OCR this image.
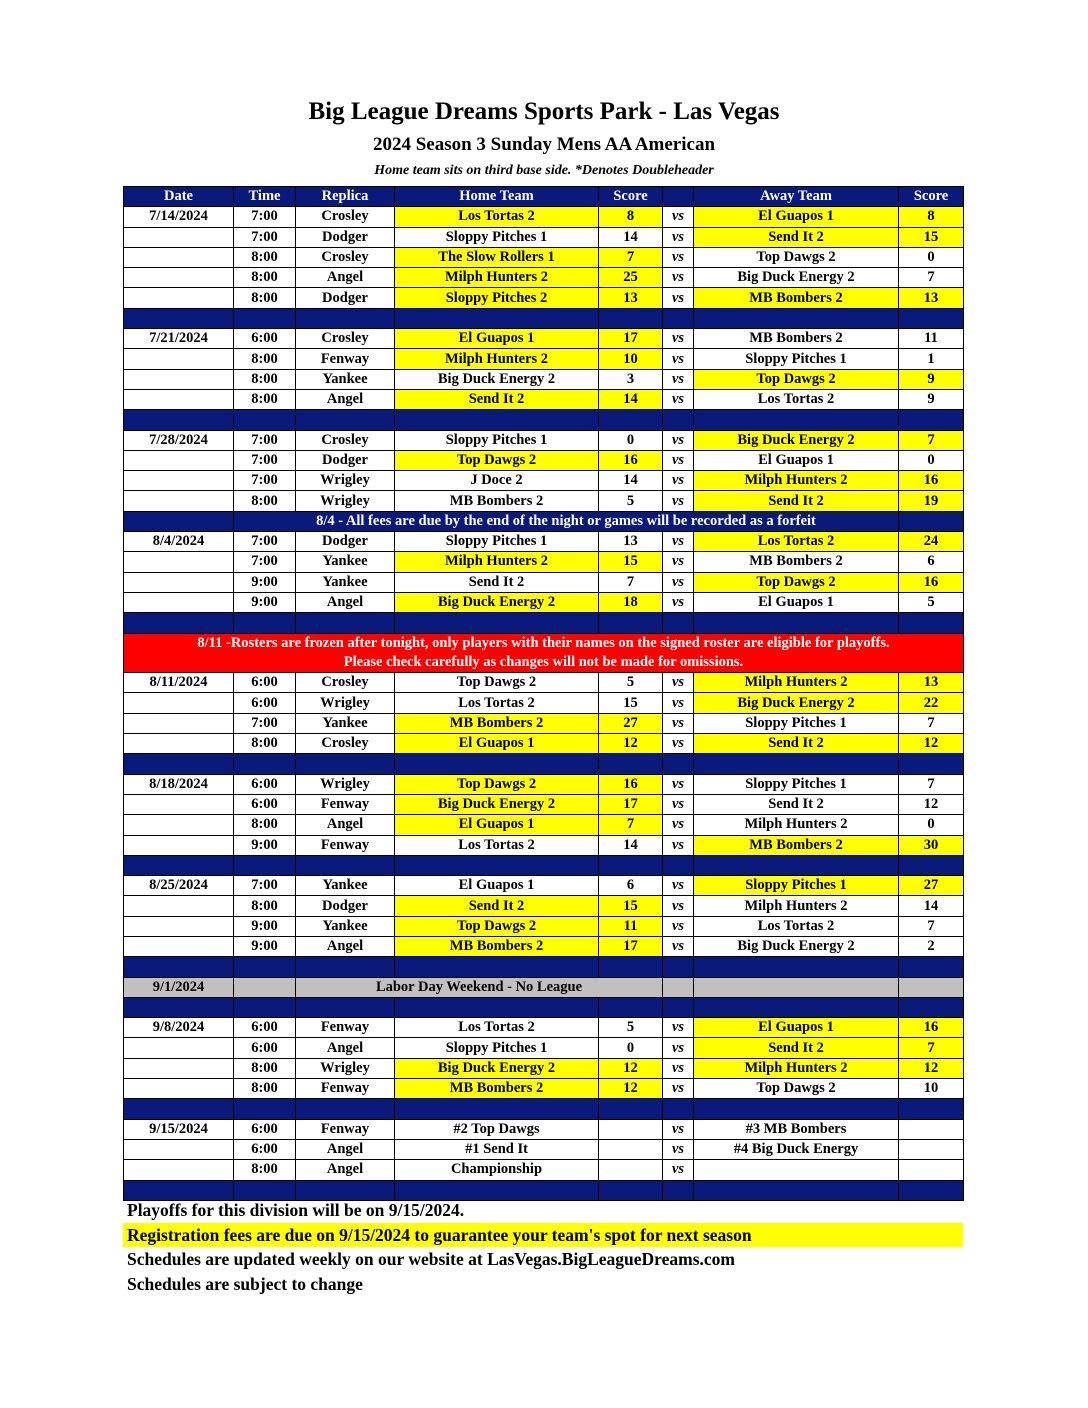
Big League Dreams Sports Park - Las Vegas
2024 Season 3 Sunday Mens AA American
Home team sits on third base side. *Denotes Doubleheader
Date	Time	Replica	Home Team	Score		Away Team	Score
7/14/2024	7:00	Crosley	Los Tortas 2	8	vs	El Guapos 1	8
	7:00	Dodger	Sloppy Pitches 1	14	vs	Send It 2	15
	8:00	Crosley	The Slow Rollers 1	7	vs	Top Dawgs 2	0
	8:00	Angel	Milph Hunters 2	25	vs	Big Duck Energy 2	7
	8:00	Dodger	Sloppy Pitches 2	13	vs	MB Bombers 2	13

7/21/2024	6:00	Crosley	El Guapos 1	17	vs	MB Bombers 2	11
	8:00	Fenway	Milph Hunters 2	10	vs	Sloppy Pitches 1	1
	8:00	Yankee	Big Duck Energy 2	3	vs	Top Dawgs 2	9
	8:00	Angel	Send It 2	14	vs	Los Tortas 2	9

7/28/2024	7:00	Crosley	Sloppy Pitches 1	0	vs	Big Duck Energy 2	7
	7:00	Dodger	Top Dawgs 2	16	vs	El Guapos 1	0
	7:00	Wrigley	J Doce 2	14	vs	Milph Hunters 2	16
	8:00	Wrigley	MB Bombers 2	5	vs	Send It 2	19
	8/4 - All fees are due by the end of the night or games will be recorded as a forfeit						
8/4/2024	7:00	Dodger	Sloppy Pitches 1	13	vs	Los Tortas 2	24
	7:00	Yankee	Milph Hunters 2	15	vs	MB Bombers 2	6
	9:00	Yankee	Send It 2	7	vs	Top Dawgs 2	16
	9:00	Angel	Big Duck Energy 2	18	vs	El Guapos 1	5

8/11 -Rosters are frozen after tonight, only players with their names on the signed roster are eligible for playoffs.
Please check carefully as changes will not be made for omissions.							

8/11/2024	6:00	Crosley	Top Dawgs 2	5	vs	Milph Hunters 2	13
	6:00	Wrigley	Los Tortas 2	15	vs	Big Duck Energy 2	22
	7:00	Yankee	MB Bombers 2	27	vs	Sloppy Pitches 1	7
	8:00	Crosley	El Guapos 1	12	vs	Send It 2	12

8/18/2024	6:00	Wrigley	Top Dawgs 2	16	vs	Sloppy Pitches 1	7
	6:00	Fenway	Big Duck Energy 2	17	vs	Send It 2	12
	8:00	Angel	El Guapos 1	7	vs	Milph Hunters 2	0
	9:00	Fenway	Los Tortas 2	14	vs	MB Bombers 2	30

8/25/2024	7:00	Yankee	El Guapos 1	6	vs	Sloppy Pitches 1	27
	8:00	Dodger	Send It 2	15	vs	Milph Hunters 2	14
	9:00	Yankee	Top Dawgs 2	11	vs	Los Tortas 2	7
	9:00	Angel	MB Bombers 2	17	vs	Big Duck Energy 2	2

9/1/2024		Labor Day Weekend - No League					

9/8/2024	6:00	Fenway	Los Tortas 2	5	vs	El Guapos 1	16
	6:00	Angel	Sloppy Pitches 1	0	vs	Send It 2	7
	8:00	Wrigley	Big Duck Energy 2	12	vs	Milph Hunters 2	12
	8:00	Fenway	MB Bombers 2	12	vs	Top Dawgs 2	10

9/15/2024	6:00	Fenway	#2 Top Dawgs		vs	#3 MB Bombers	
	6:00	Angel	#1 Send It		vs	#4 Big Duck Energy	
	8:00	Angel	Championship		vs		

Playoffs for this division will be on 9/15/2024.
Registration fees are due on 9/15/2024 to guarantee your team's spot for next season
Schedules are updated weekly on our website at LasVegas.BigLeagueDreams.com
Schedules are subject to change
